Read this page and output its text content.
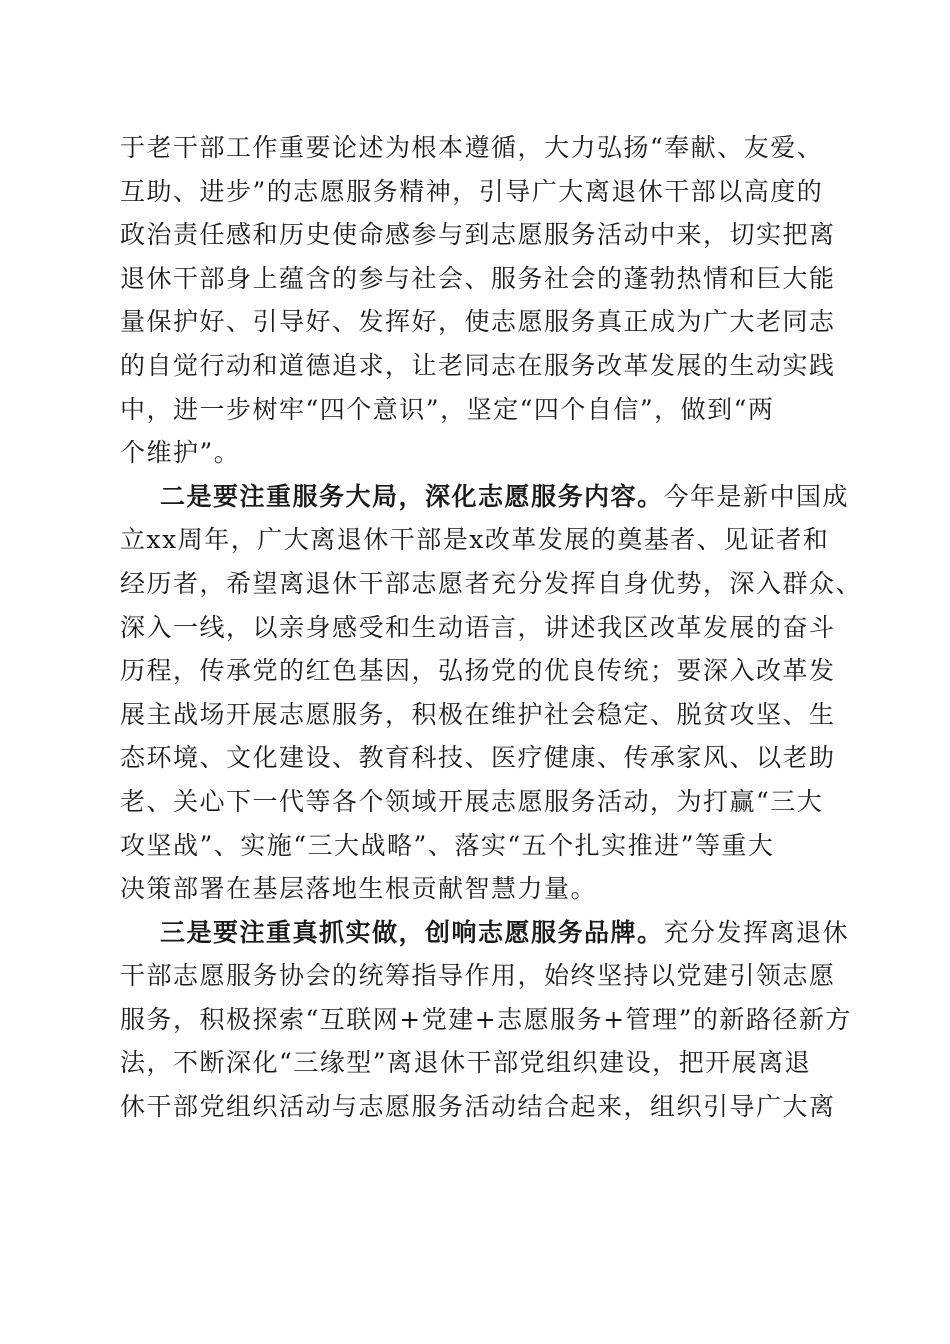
于老干部工作重要论述为根本遵循，大力弘扬“奉献、友爱、
互助、进步”的志愿服务精神，引导广大离退休干部以高度的
政治责任感和历史使命感参与到志愿服务活动中来，切实把离
退休干部身上蕴含的参与社会、服务社会的蓬勃热情和巨大能
量保护好、引导好、发挥好，使志愿服务真正成为广大老同志
的自觉行动和道德追求，让老同志在服务改革发展的生动实践
中，进一步树牢“四个意识”，坚定“四个自信”，做到“两
个维护”。
二是要注重服务大局，深化志愿服务内容。今年是新中国成
立xx周年，广大离退休干部是x改革发展的奠基者、见证者和
经历者，希望离退休干部志愿者充分发挥自身优势，深入群众、
深入一线，以亲身感受和生动语言，讲述我区改革发展的奋斗
历程，传承党的红色基因，弘扬党的优良传统；要深入改革发
展主战场开展志愿服务，积极在维护社会稳定、脱贫攻坚、生
态环境、文化建设、教育科技、医疗健康、传承家风、以老助
老、关心下一代等各个领域开展志愿服务活动，为打赢“三大
攻坚战”、实施“三大战略”、落实“五个扎实推进”等重大
决策部署在基层落地生根贡献智慧力量。
三是要注重真抓实做，创响志愿服务品牌。充分发挥离退休
干部志愿服务协会的统筹指导作用，始终坚持以党建引领志愿
服务，积极探索“互联网+党建+志愿服务+管理”的新路径新方
法，不断深化“三缘型”离退休干部党组织建设，把开展离退
休干部党组织活动与志愿服务活动结合起来，组织引导广大离
